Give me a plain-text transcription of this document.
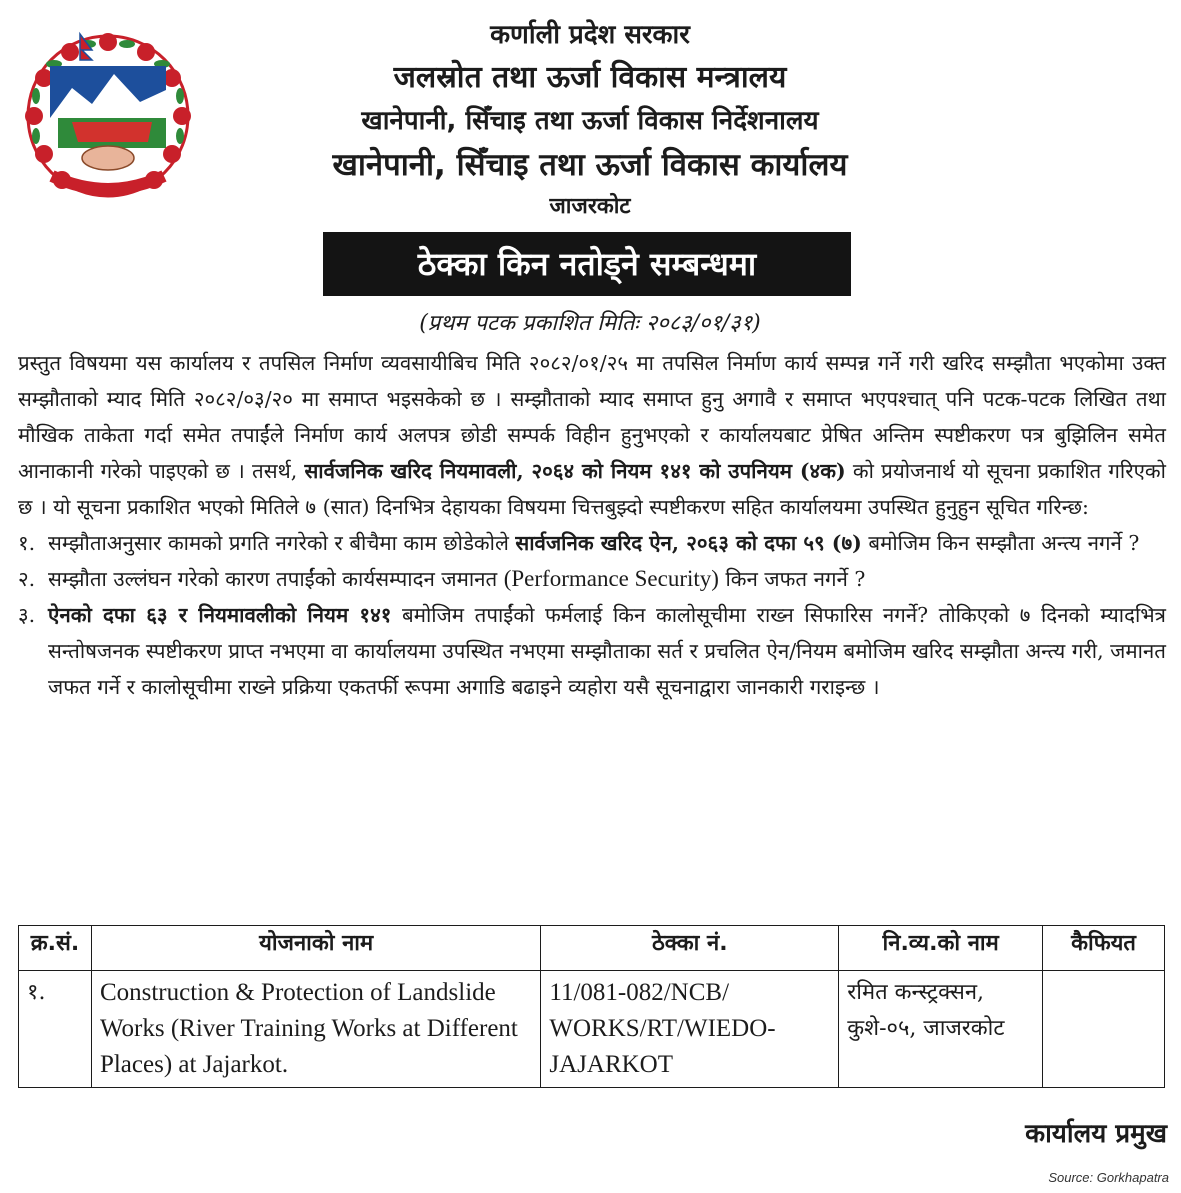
कर्णाली प्रदेश सरकार
जलस्रोत तथा ऊर्जा विकास मन्त्रालय
खानेपानी, सिँचाइ तथा ऊर्जा विकास निर्देशनालय
खानेपानी, सिँचाइ तथा ऊर्जा विकास कार्यालय
जाजरकोट
ठेक्का किन नतोड्ने सम्बन्धमा
(प्रथम पटक प्रकाशित मितिः २०८३/०१/३१)

प्रस्तुत विषयमा यस कार्यालय र तपसिल निर्माण व्यवसायीबिच मिति २०८२/०१/२५ मा तपसिल निर्माण कार्य सम्पन्न गर्ने गरी खरिद सम्झौता भएकोमा उक्त सम्झौताको म्याद मिति २०८२/०३/२० मा समाप्त भइसकेको छ । सम्झौताको म्याद समाप्त हुनु अगावै र समाप्त भएपश्चात् पनि पटक-पटक लिखित तथा मौखिक ताकेता गर्दा समेत तपाईंले निर्माण कार्य अलपत्र छोडी सम्पर्क विहीन हुनुभएको र कार्यालयबाट प्रेषित अन्तिम स्पष्टीकरण पत्र बुझिलिन समेत आनाकानी गरेको पाइएको छ । तसर्थ, सार्वजनिक खरिद नियमावली, २०६४ को नियम १४१ को उपनियम (४क) को प्रयोजनार्थ यो सूचना प्रकाशित गरिएको छ । यो सूचना प्रकाशित भएको मितिले ७ (सात) दिनभित्र देहायका विषयमा चित्तबुझ्दो स्पष्टीकरण सहित कार्यालयमा उपस्थित हुनुहुन सूचित गरिन्छ:

१. सम्झौताअनुसार कामको प्रगति नगरेको र बीचैमा काम छोडेकोले सार्वजनिक खरिद ऐन, २०६३ को दफा ५९ (७) बमोजिम किन सम्झौता अन्त्य नगर्ने ?
२. सम्झौता उल्लंघन गरेको कारण तपाईंको कार्यसम्पादन जमानत (Performance Security) किन जफत नगर्ने ?
३. ऐनको दफा ६३ र नियमावलीको नियम १४१ बमोजिम तपाईंको फर्मलाई किन कालोसूचीमा राख्न सिफारिस नगर्ने? तोकिएको ७ दिनको म्यादभित्र सन्तोषजनक स्पष्टीकरण प्राप्त नभएमा वा कार्यालयमा उपस्थित नभएमा सम्झौताका सर्त र प्रचलित ऐन/नियम बमोजिम खरिद सम्झौता अन्त्य गरी, जमानत जफत गर्ने र कालोसूचीमा राख्ने प्रक्रिया एकतर्फी रूपमा अगाडि बढाइने व्यहोरा यसै सूचनाद्वारा जानकारी गराइन्छ ।
क्र.सं.	योजनाको नाम	ठेक्का नं.	नि.व्य.को नाम	कैफियत
१.	Construction & Protection of Landslide Works (River Training Works at Different Places) at Jajarkot.	11/081-082/NCB/ WORKS/RT/WIEDO-JAJARKOT	रमित कन्स्ट्रक्सन, कुशे-०५, जाजरकोट	
कार्यालय प्रमुख
Source: Gorkhapatra
